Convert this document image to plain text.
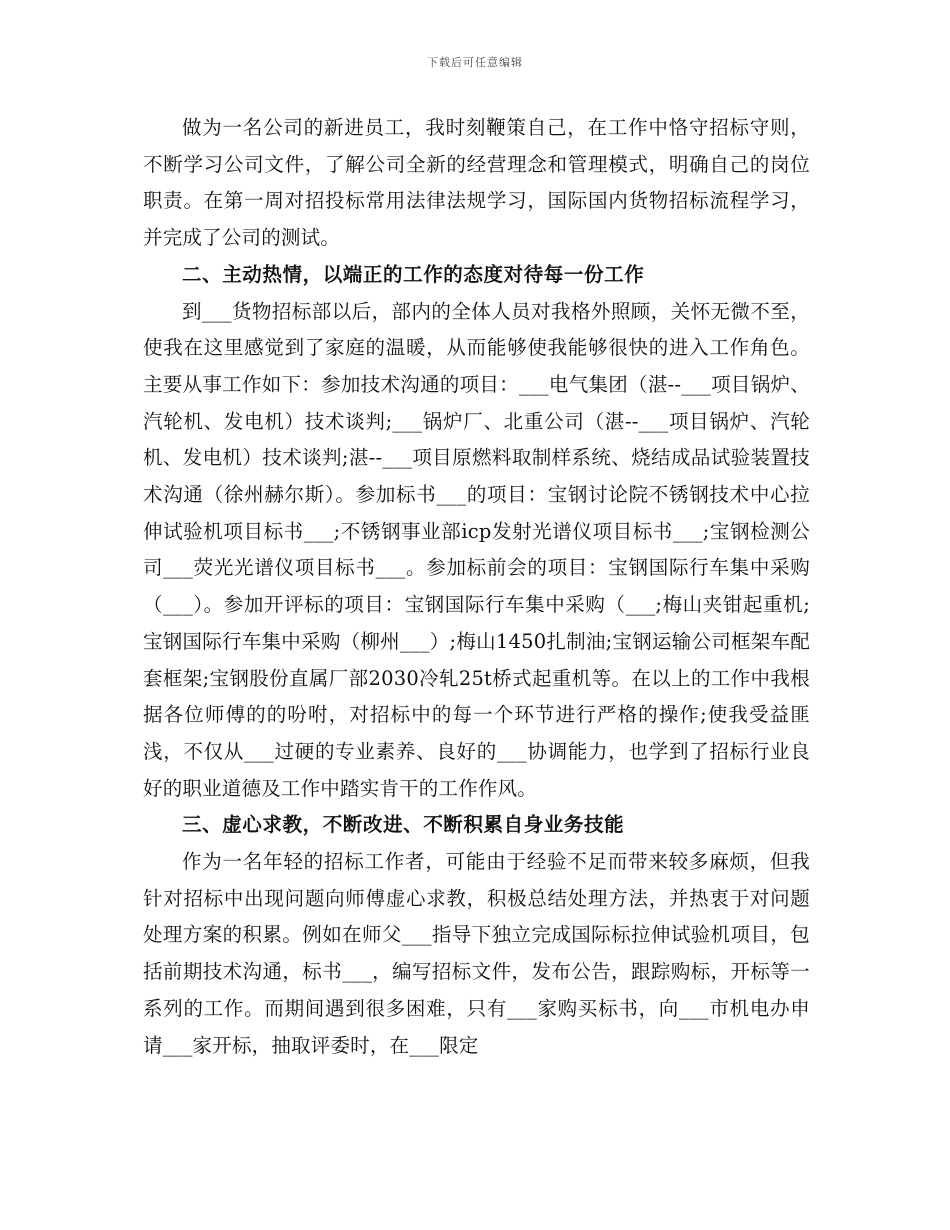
下载后可任意编辑

做为一名公司的新进员工，我时刻鞭策自己，在工作中恪守招标守则，不断学习公司文件，了解公司全新的经营理念和管理模式，明确自己的岗位职责。在第一周对招投标常用法律法规学习，国际国内货物招标流程学习，并完成了公司的测试。

二、主动热情，以端正的工作的态度对待每一份工作

到___货物招标部以后，部内的全体人员对我格外照顾，关怀无微不至，使我在这里感觉到了家庭的温暖，从而能够使我能够很快的进入工作角色。主要从事工作如下：参加技术沟通的项目：___电气集团（湛--___项目锅炉、汽轮机、发电机）技术谈判;___锅炉厂、北重公司（湛--___项目锅炉、汽轮机、发电机）技术谈判;湛--___项目原燃料取制样系统、烧结成品试验装置技术沟通（徐州赫尔斯）。参加标书___的项目：宝钢讨论院不锈钢技术中心拉伸试验机项目标书___;不锈钢事业部icp发射光谱仪项目标书___;宝钢检测公司___荧光光谱仪项目标书___。参加标前会的项目：宝钢国际行车集中采购（___）。参加开评标的项目：宝钢国际行车集中采购（___;梅山夹钳起重机;宝钢国际行车集中采购（柳州___）;梅山1450扎制油;宝钢运输公司框架车配套框架;宝钢股份直属厂部2030冷轧25t桥式起重机等。在以上的工作中我根据各位师傅的的吩咐，对招标中的每一个环节进行严格的操作;使我受益匪浅，不仅从___过硬的专业素养、良好的___协调能力，也学到了招标行业良好的职业道德及工作中踏实肯干的工作作风。

三、虚心求教，不断改进、不断积累自身业务技能

作为一名年轻的招标工作者，可能由于经验不足而带来较多麻烦，但我针对招标中出现问题向师傅虚心求教，积极总结处理方法，并热衷于对问题处理方案的积累。例如在师父___指导下独立完成国际标拉伸试验机项目，包括前期技术沟通，标书___，编写招标文件，发布公告，跟踪购标，开标等一系列的工作。而期间遇到很多困难，只有___家购买标书，向___市机电办申请___家开标，抽取评委时，在___限定
